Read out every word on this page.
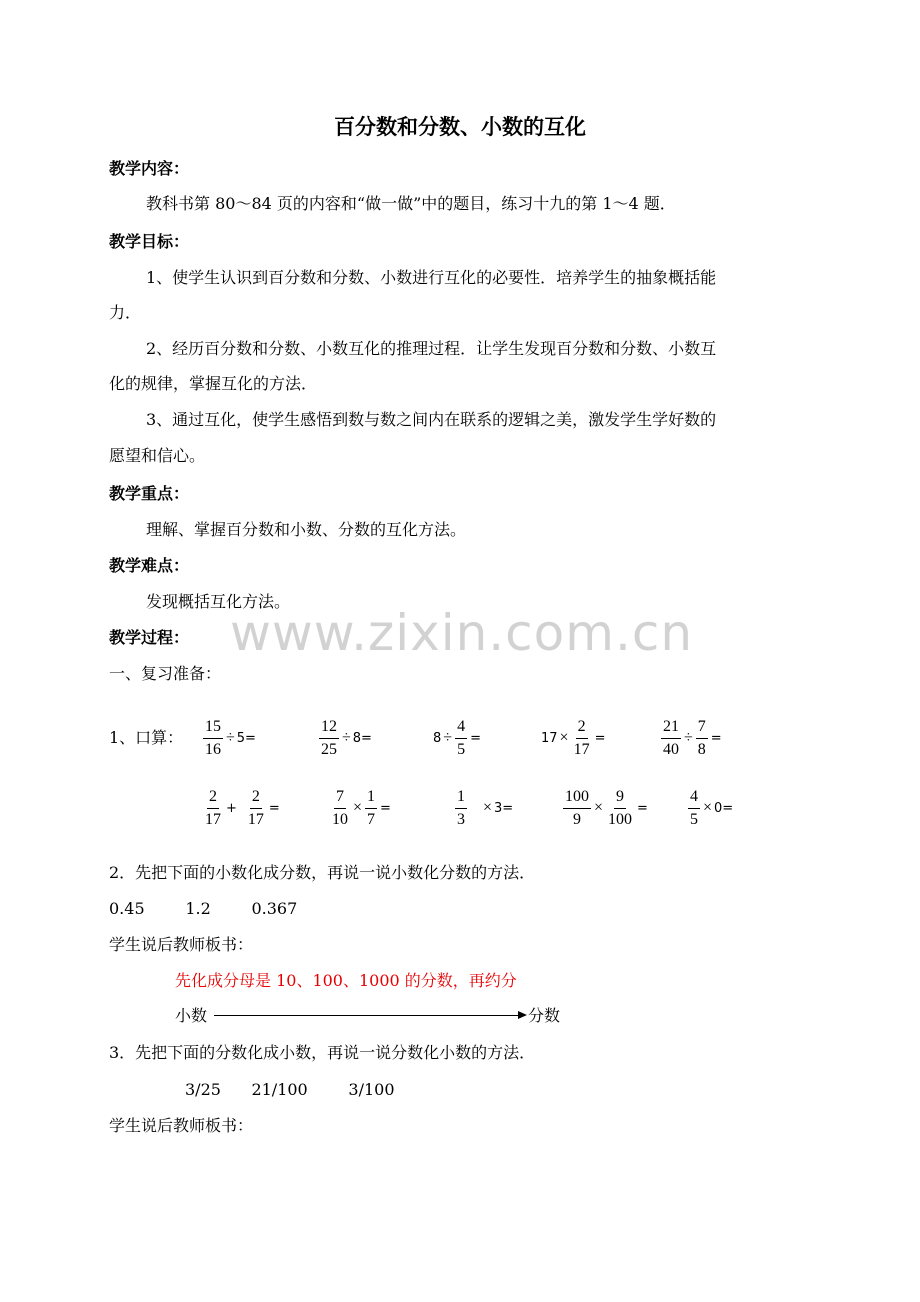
百分数和分数、小数的互化
教学内容：
教科书第 80～84 页的内容和“做一做”中的题目，练习十九的第 1～4 题．
教学目标：
1、使学生认识到百分数和分数、小数进行互化的必要性．培养学生的抽象概括能
力．
2、经历百分数和分数、小数互化的推理过程．让学生发现百分数和分数、小数互
化的规律，掌握互化的方法．
3、通过互化，使学生感悟到数与数之间内在联系的逻辑之美，激发学生学好数的
愿望和信心。
教学重点：
理解、掌握百分数和小数、分数的互化方法。
教学难点：
发现概括互化方法。
www.zixin.com.cn
教学过程：
一、复习准备：
1、口算： $\frac{15}{16} \div 5=$	$\frac{12}{25} \div 8=$	$8 \div \frac{4}{5}$ =	$17 \times \frac{2}{17}$ =	$\frac{21}{40} \div \frac{7}{8}$ =
$\frac{2}{17} + \frac{2}{17}$ =	$\frac{7}{10} \times \frac{1}{7}$ =	$\frac{1}{3} \times 3=$	$\frac{100}{9} \times \frac{9}{100}$ =	$\frac{4}{5} \times 0=$
2．先把下面的小数化成分数，再说一说小数化分数的方法．
0.45        1.2        0.367
学生说后教师板书：
先化成分母是 10、100、1000 的分数，再约分
小数	分数
3．先把下面的分数化成小数，再说一说分数化小数的方法．
3/25      21/100        3/100
学生说后教师板书：
